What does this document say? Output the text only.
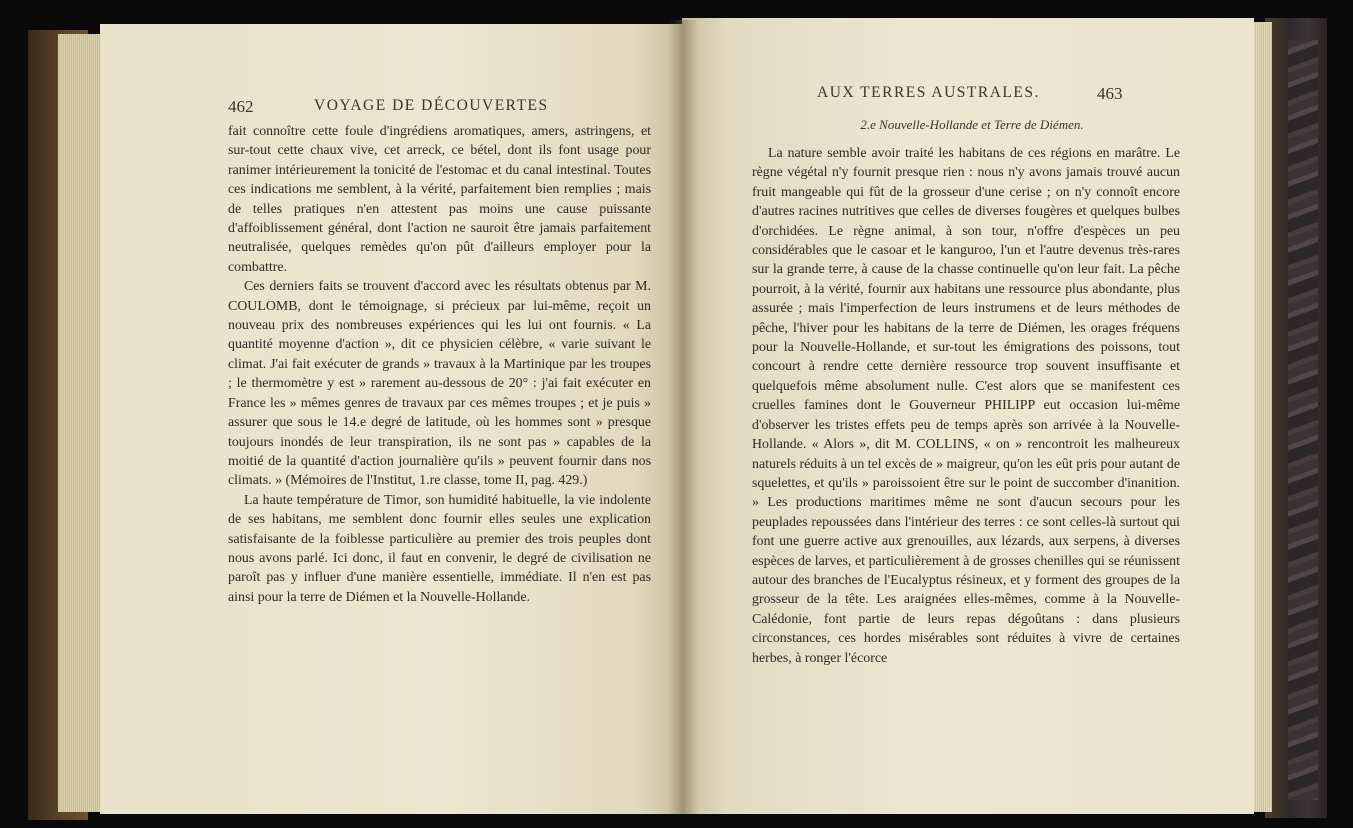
462	VOYAGE DE DÉCOUVERTES

fait connoître cette foule d'ingrédiens aromatiques, amers, astringens, et sur-tout cette chaux vive, cet arreck, ce bétel, dont ils font usage pour ranimer intérieurement la tonicité de l'estomac et du canal intestinal. Toutes ces indications me semblent, à la vérité, parfaitement bien remplies ; mais de telles pratiques n'en attestent pas moins une cause puissante d'affoiblissement général, dont l'action ne sauroit être jamais parfaitement neutralisée, quelques remèdes qu'on pût d'ailleurs employer pour la combattre.

Ces derniers faits se trouvent d'accord avec les résultats obtenus par M. COULOMB, dont le témoignage, si précieux par lui-même, reçoit un nouveau prix des nombreuses expériences qui les lui ont fournis. « La quantité moyenne d'action », dit ce physicien célèbre, « varie suivant le climat. J'ai fait exécuter de grands » travaux à la Martinique par les troupes ; le thermomètre y est » rarement au-dessous de 20° : j'ai fait exécuter en France les » mêmes genres de travaux par ces mêmes troupes ; et je puis » assurer que sous le 14.e degré de latitude, où les hommes sont » presque toujours inondés de leur transpiration, ils ne sont pas » capables de la moitié de la quantité d'action journalière qu'ils » peuvent fournir dans nos climats. » (Mémoires de l'Institut, 1.re classe, tome II, pag. 429.)

La haute température de Timor, son humidité habituelle, la vie indolente de ses habitans, me semblent donc fournir elles seules une explication satisfaisante de la foiblesse particulière au premier des trois peuples dont nous avons parlé. Ici donc, il faut en convenir, le degré de civilisation ne paroît pas y influer d'une manière essentielle, immédiate. Il n'en est pas ainsi pour la terre de Diémen et la Nouvelle-Hollande.

AUX TERRES AUSTRALES.	463
2.e Nouvelle-Hollande et Terre de Diémen.

La nature semble avoir traité les habitans de ces régions en marâtre. Le règne végétal n'y fournit presque rien : nous n'y avons jamais trouvé aucun fruit mangeable qui fût de la grosseur d'une cerise ; on n'y connoît encore d'autres racines nutritives que celles de diverses fougères et quelques bulbes d'orchidées. Le règne animal, à son tour, n'offre d'espèces un peu considérables que le casoar et le kanguroo, l'un et l'autre devenus très-rares sur la grande terre, à cause de la chasse continuelle qu'on leur fait. La pêche pourroit, à la vérité, fournir aux habitans une ressource plus abondante, plus assurée ; mais l'imperfection de leurs instrumens et de leurs méthodes de pêche, l'hiver pour les habitans de la terre de Diémen, les orages fréquens pour la Nouvelle-Hollande, et sur-tout les émigrations des poissons, tout concourt à rendre cette dernière ressource trop souvent insuffisante et quelquefois même absolument nulle. C'est alors que se manifestent ces cruelles famines dont le Gouverneur PHILIPP eut occasion lui-même d'observer les tristes effets peu de temps après son arrivée à la Nouvelle-Hollande. « Alors », dit M. COLLINS, « on » rencontroit les malheureux naturels réduits à un tel excès de » maigreur, qu'on les eût pris pour autant de squelettes, et qu'ils » paroissoient être sur le point de succomber d'inanition. » Les productions maritimes même ne sont d'aucun secours pour les peuplades repoussées dans l'intérieur des terres : ce sont celles-là surtout qui font une guerre active aux grenouilles, aux lézards, aux serpens, à diverses espèces de larves, et particulièrement à de grosses chenilles qui se réunissent autour des branches de l'Eucalyptus résineux, et y forment des groupes de la grosseur de la tête. Les araignées elles-mêmes, comme à la Nouvelle-Calédonie, font partie de leurs repas dégoûtans : dans plusieurs circonstances, ces hordes misérables sont réduites à vivre de certaines herbes, à ronger l'écorce
